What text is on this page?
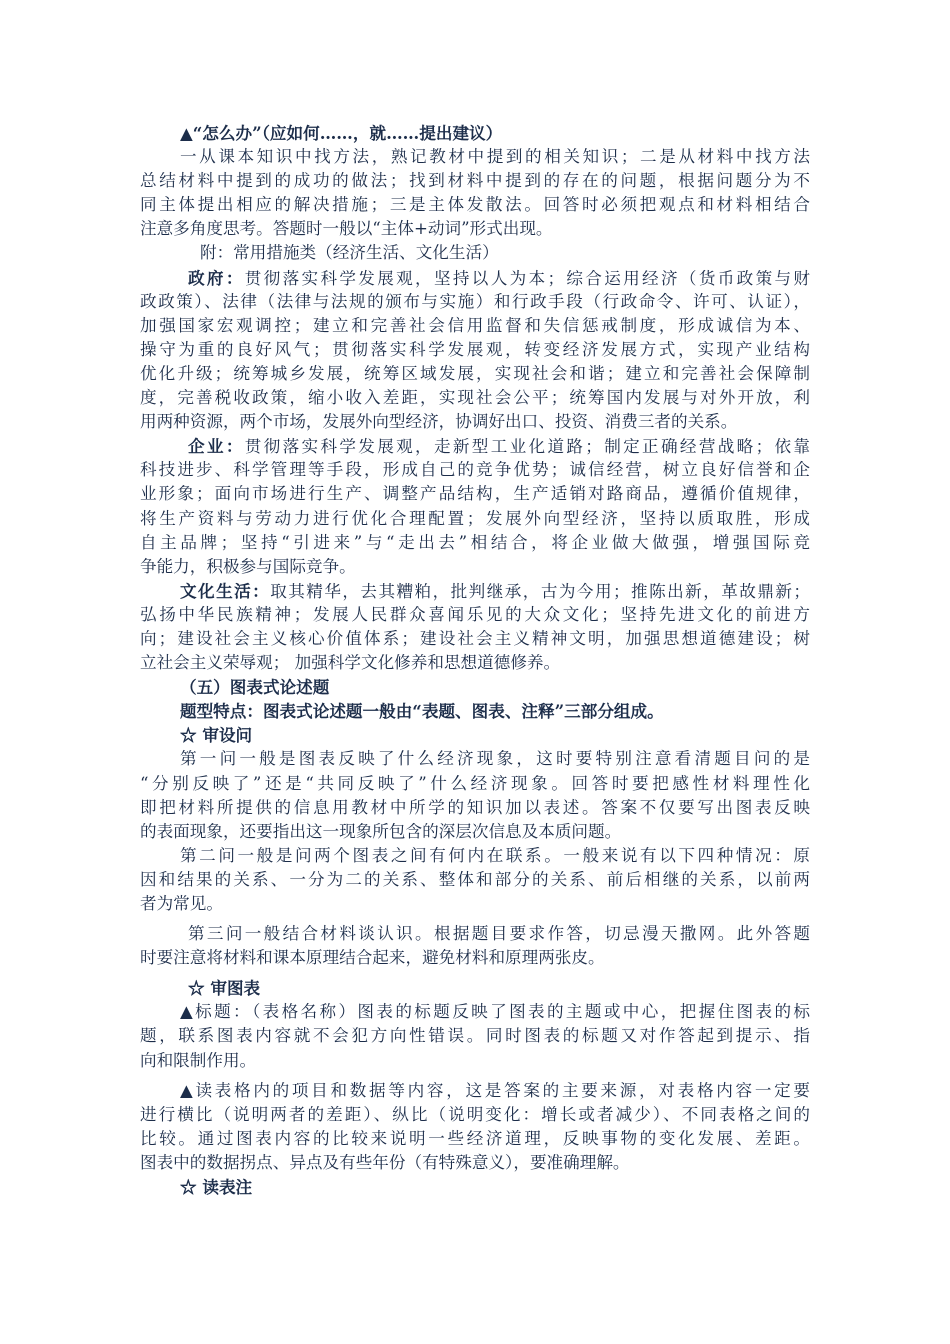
▲“怎么办”（应如何……，就……提出建议）
一从课本知识中找方法，熟记教材中提到的相关知识；二是从材料中找方法
总结材料中提到的成功的做法；找到材料中提到的存在的问题，根据问题分为不
同主体提出相应的解决措施；三是主体发散法。回答时必须把观点和材料相结合
注意多角度思考。答题时一般以“主体+动词”形式出现。
附：常用措施类（经济生活、文化生活）
政府：贯彻落实科学发展观，坚持以人为本；综合运用经济（货币政策与财
政政策）、法律（法律与法规的颁布与实施）和行政手段（行政命令、许可、认证），
加强国家宏观调控；建立和完善社会信用监督和失信惩戒制度，形成诚信为本、
操守为重的良好风气；贯彻落实科学发展观，转变经济发展方式，实现产业结构
优化升级；统筹城乡发展，统筹区域发展，实现社会和谐；建立和完善社会保障制
度，完善税收政策，缩小收入差距，实现社会公平；统筹国内发展与对外开放，利
用两种资源，两个市场，发展外向型经济，协调好出口、投资、消费三者的关系。
企业：贯彻落实科学发展观，走新型工业化道路；制定正确经营战略；依靠
科技进步、科学管理等手段，形成自己的竞争优势；诚信经营，树立良好信誉和企
业形象；面向市场进行生产、调整产品结构，生产适销对路商品，遵循价值规律，
将生产资料与劳动力进行优化合理配置；发展外向型经济，坚持以质取胜，形成
自主品牌；坚持“引进来”与“走出去”相结合，将企业做大做强，增强国际竞
争能力，积极参与国际竞争。
文化生活：取其精华，去其糟粕，批判继承，古为今用；推陈出新，革故鼎新；
弘扬中华民族精神；发展人民群众喜闻乐见的大众文化；坚持先进文化的前进方
向；建设社会主义核心价值体系；建设社会主义精神文明，加强思想道德建设；树
立社会主义荣辱观； 加强科学文化修养和思想道德修养。
（五）图表式论述题
题型特点：图表式论述题一般由“表题、图表、注释”三部分组成。
☆ 审设问
第一问一般是图表反映了什么经济现象，这时要特别注意看清题目问的是
“分别反映了”还是“共同反映了”什么经济现象。回答时要把感性材料理性化
即把材料所提供的信息用教材中所学的知识加以表述。答案不仅要写出图表反映
的表面现象，还要指出这一现象所包含的深层次信息及本质问题。
第二问一般是问两个图表之间有何内在联系。一般来说有以下四种情况：原
因和结果的关系、一分为二的关系、整体和部分的关系、前后相继的关系，以前两
者为常见。
第三问一般结合材料谈认识。根据题目要求作答，切忌漫天撒网。此外答题
时要注意将材料和课本原理结合起来，避免材料和原理两张皮。
☆ 审图表
▲标题：（表格名称）图表的标题反映了图表的主题或中心，把握住图表的标
题，联系图表内容就不会犯方向性错误。同时图表的标题又对作答起到提示、指
向和限制作用。
▲读表格内的项目和数据等内容，这是答案的主要来源，对表格内容一定要
进行横比（说明两者的差距）、纵比（说明变化：增长或者减少）、不同表格之间的
比较。通过图表内容的比较来说明一些经济道理，反映事物的变化发展、差距。
图表中的数据拐点、异点及有些年份（有特殊意义），要准确理解。
☆ 读表注
